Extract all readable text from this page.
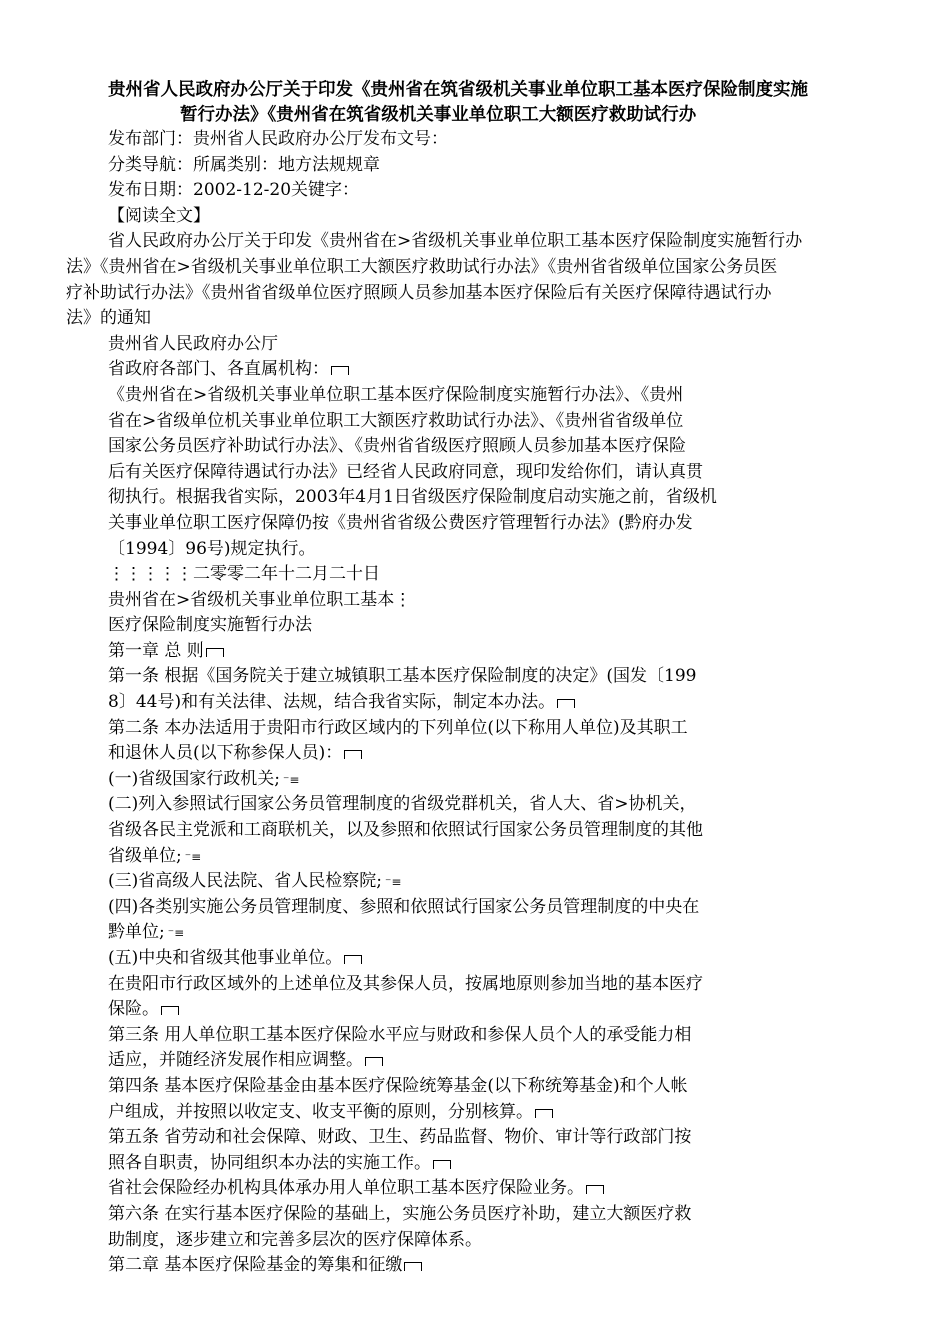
贵州省人民政府办公厅关于印发《贵州省在筑省级机关事业单位职工基本医疗保险制度实施
暂行办法》《贵州省在筑省级机关事业单位职工大额医疗救助试行办
发布部门：贵州省人民政府办公厅发布文号：
分类导航：所属类别：地方法规规章
发布日期：2002-12-20关键字：
【阅读全文】
省人民政府办公厅关于印发《贵州省在>省级机关事业单位职工基本医疗保险制度实施暂行办
法》《贵州省在>省级机关事业单位职工大额医疗救助试行办法》《贵州省省级单位国家公务员医
疗补助试行办法》《贵州省省级单位医疗照顾人员参加基本医疗保险后有关医疗保障待遇试行办
法》的通知
贵州省人民政府办公厅
省政府各部门、各直属机构：
《贵州省在>省级机关事业单位职工基本医疗保险制度实施暂行办法》、《贵州
省在>省级单位机关事业单位职工大额医疗救助试行办法》、《贵州省省级单位
国家公务员医疗补助试行办法》、《贵州省省级医疗照顾人员参加基本医疗保险
后有关医疗保障待遇试行办法》已经省人民政府同意，现印发给你们，请认真贯
彻执行。根据我省实际，2003年4月1日省级医疗保险制度启动实施之前，省级机
关事业单位职工医疗保障仍按《贵州省省级公费医疗管理暂行办法》(黔府办发
〔1994〕96号)规定执行。
⋮⋮⋮⋮⋮二零零二年十二月二十日
贵州省在>省级机关事业单位职工基本⋮
医疗保险制度实施暂行办法
第一章 总 则
第一条 根据《国务院关于建立城镇职工基本医疗保险制度的决定》(国发〔199
8〕44号)和有关法律、法规，结合我省实际，制定本办法。
第二条 本办法适用于贵阳市行政区域内的下列单位(以下称用人单位)及其职工
和退休人员(以下称参保人员)：
(一)省级国家行政机关; ⁻≡
(二)列入参照试行国家公务员管理制度的省级党群机关，省人大、省>协机关，
省级各民主党派和工商联机关，以及参照和依照试行国家公务员管理制度的其他
省级单位; ⁻≡
(三)省高级人民法院、省人民检察院; ⁻≡
(四)各类别实施公务员管理制度、参照和依照试行国家公务员管理制度的中央在
黔单位; ⁻≡
(五)中央和省级其他事业单位。
在贵阳市行政区域外的上述单位及其参保人员，按属地原则参加当地的基本医疗
保险。
第三条 用人单位职工基本医疗保险水平应与财政和参保人员个人的承受能力相
适应，并随经济发展作相应调整。
第四条 基本医疗保险基金由基本医疗保险统筹基金(以下称统筹基金)和个人帐
户组成，并按照以收定支、收支平衡的原则，分别核算。
第五条 省劳动和社会保障、财政、卫生、药品监督、物价、审计等行政部门按
照各自职责，协同组织本办法的实施工作。
省社会保险经办机构具体承办用人单位职工基本医疗保险业务。
第六条 在实行基本医疗保险的基础上，实施公务员医疗补助，建立大额医疗救
助制度，逐步建立和完善多层次的医疗保障体系。
第二章 基本医疗保险基金的筹集和征缴
